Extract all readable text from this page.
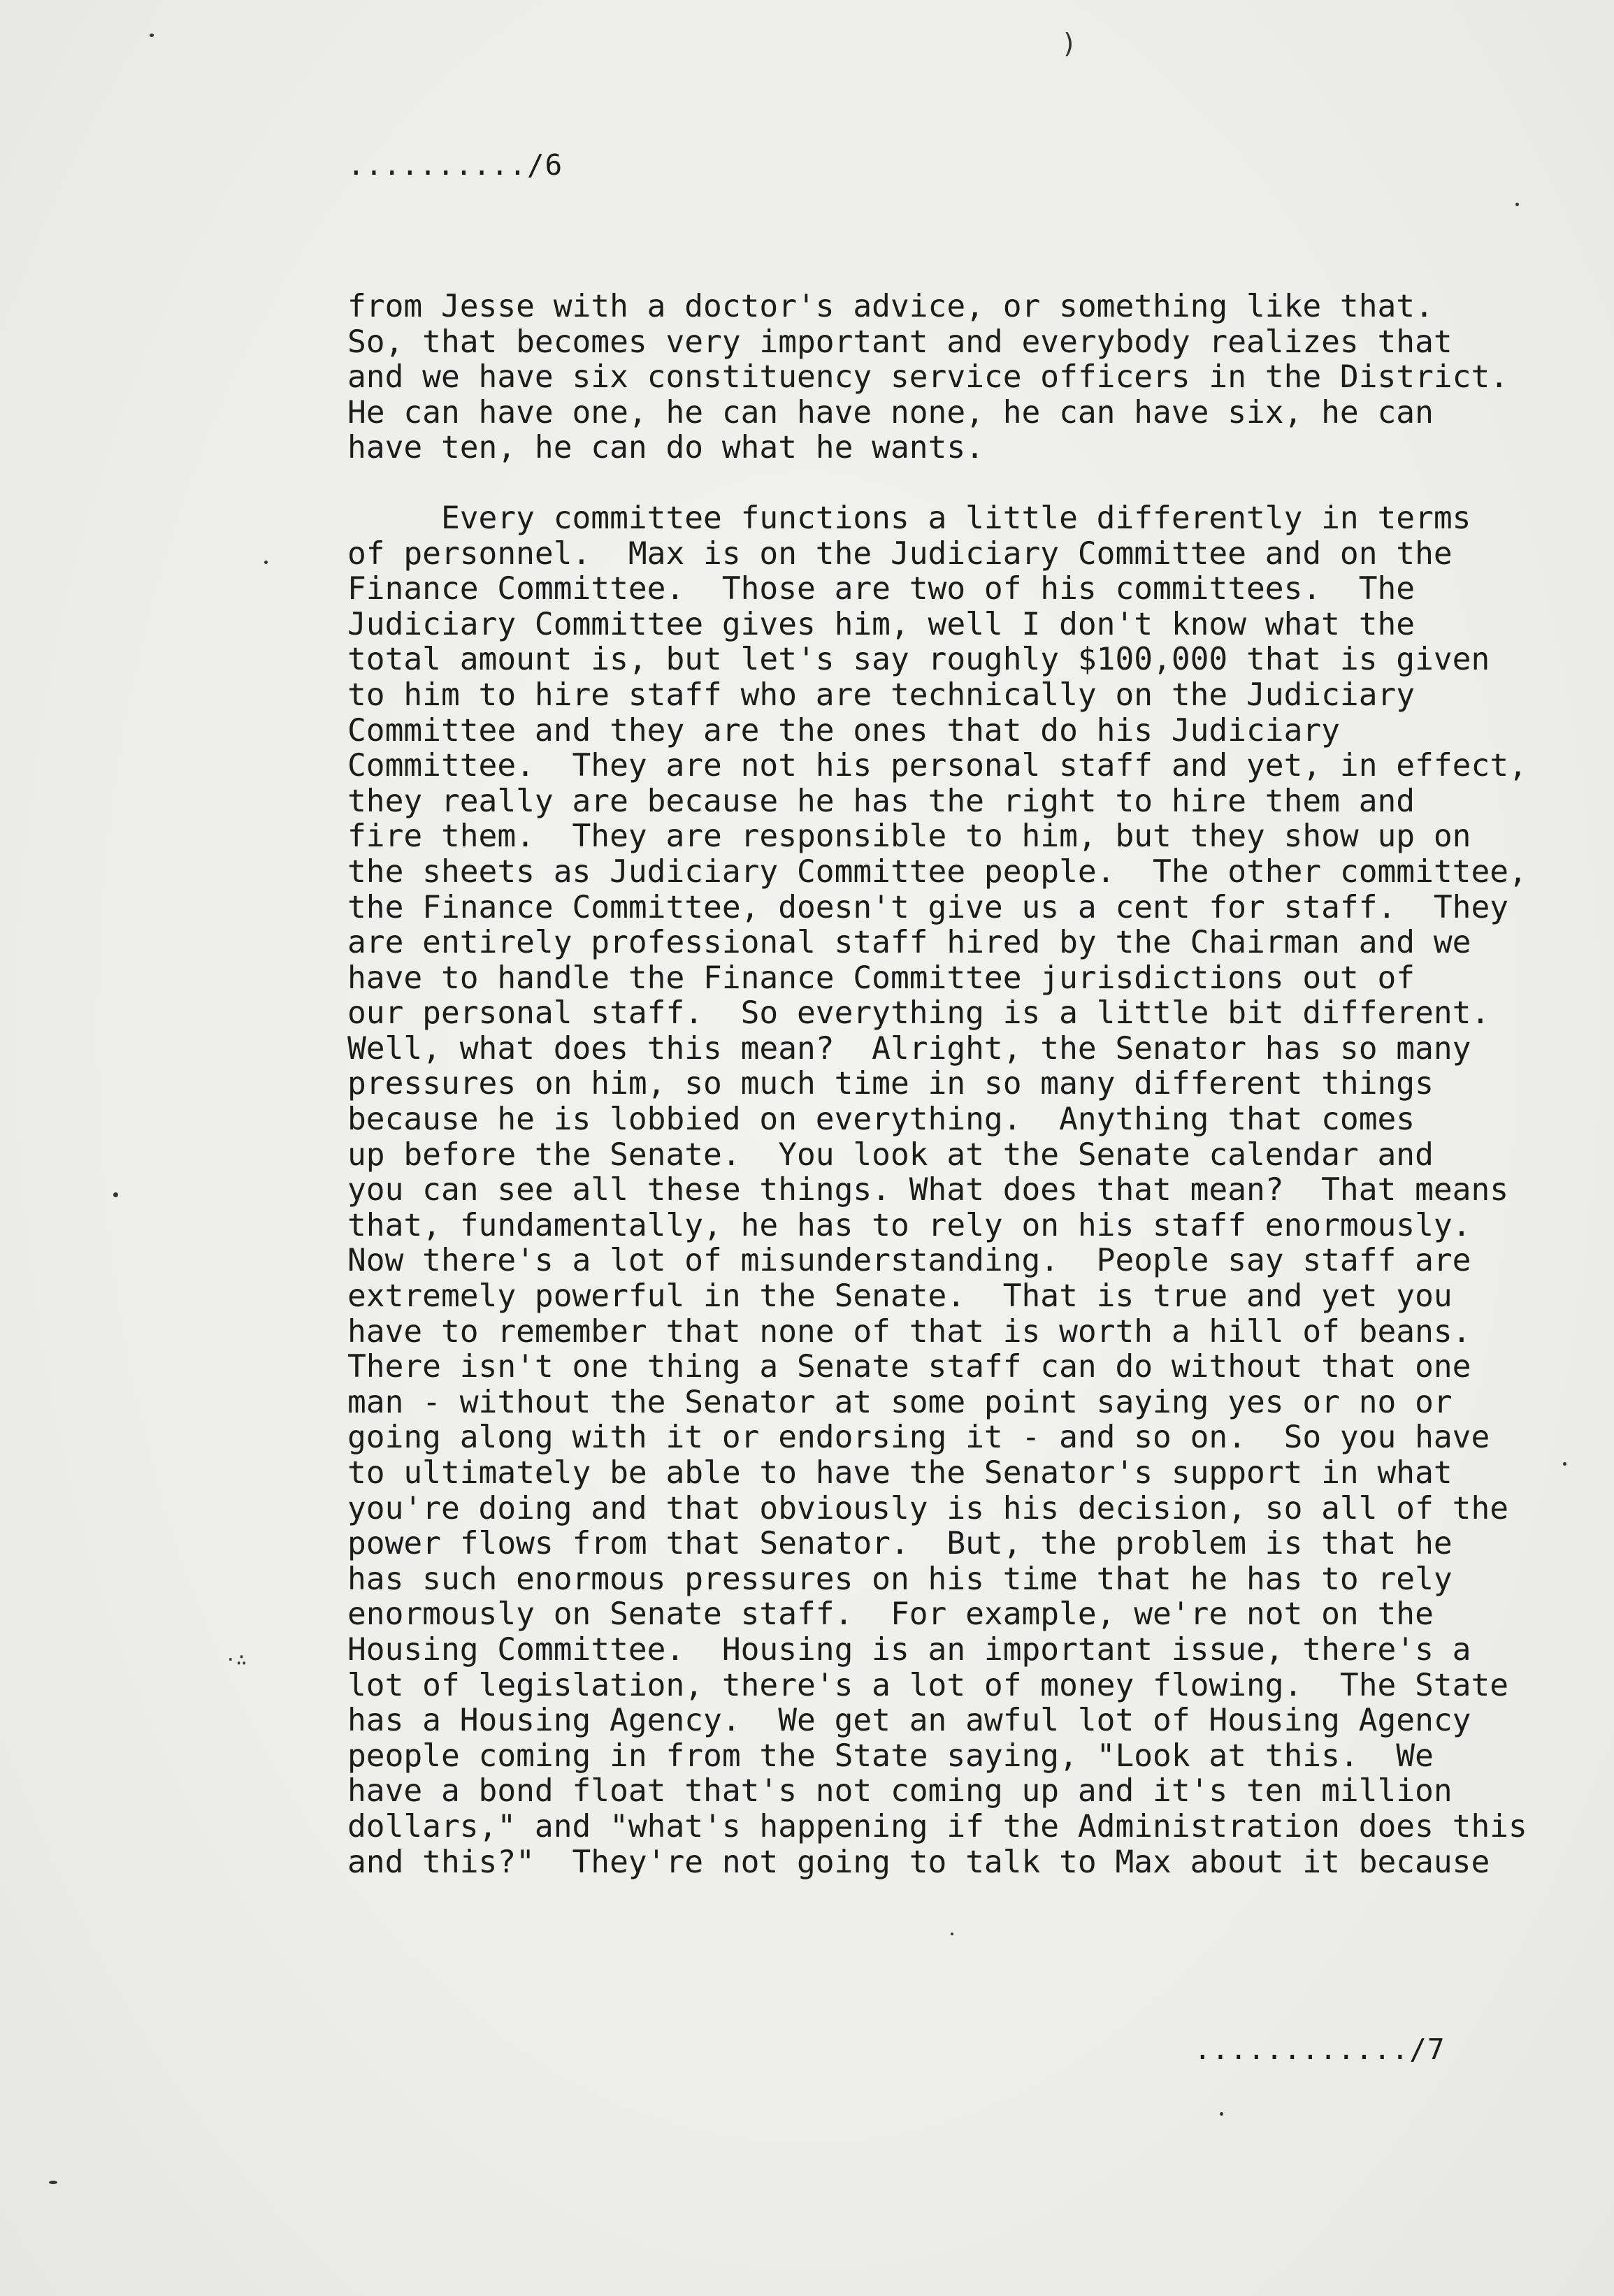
)
........../6
from Jesse with a doctor's advice, or something like that.
So, that becomes very important and everybody realizes that
and we have six constituency service officers in the District.
He can have one, he can have none, he can have six, he can
have ten, he can do what he wants.
Every committee functions a little differently in terms
of personnel.  Max is on the Judiciary Committee and on the
Finance Committee.  Those are two of his committees.  The
Judiciary Committee gives him, well I don't know what the
total amount is, but let's say roughly $100,000 that is given
to him to hire staff who are technically on the Judiciary
Committee and they are the ones that do his Judiciary
Committee.  They are not his personal staff and yet, in effect,
they really are because he has the right to hire them and
fire them.  They are responsible to him, but they show up on
the sheets as Judiciary Committee people.  The other committee,
the Finance Committee, doesn't give us a cent for staff.  They
are entirely professional staff hired by the Chairman and we
have to handle the Finance Committee jurisdictions out of
our personal staff.  So everything is a little bit different.
Well, what does this mean?  Alright, the Senator has so many
pressures on him, so much time in so many different things
because he is lobbied on everything.  Anything that comes
up before the Senate.  You look at the Senate calendar and
you can see all these things. What does that mean?  That means
that, fundamentally, he has to rely on his staff enormously.
Now there's a lot of misunderstanding.  People say staff are
extremely powerful in the Senate.  That is true and yet you
have to remember that none of that is worth a hill of beans.
There isn't one thing a Senate staff can do without that one
man - without the Senator at some point saying yes or no or
going along with it or endorsing it - and so on.  So you have
to ultimately be able to have the Senator's support in what
you're doing and that obviously is his decision, so all of the
power flows from that Senator.  But, the problem is that he
has such enormous pressures on his time that he has to rely
enormously on Senate staff.  For example, we're not on the
Housing Committee.  Housing is an important issue, there's a
lot of legislation, there's a lot of money flowing.  The State
has a Housing Agency.  We get an awful lot of Housing Agency
people coming in from the State saying, "Look at this.  We
have a bond float that's not coming up and it's ten million
dollars," and "what's happening if the Administration does this
and this?"  They're not going to talk to Max about it because
·∴
............/7
